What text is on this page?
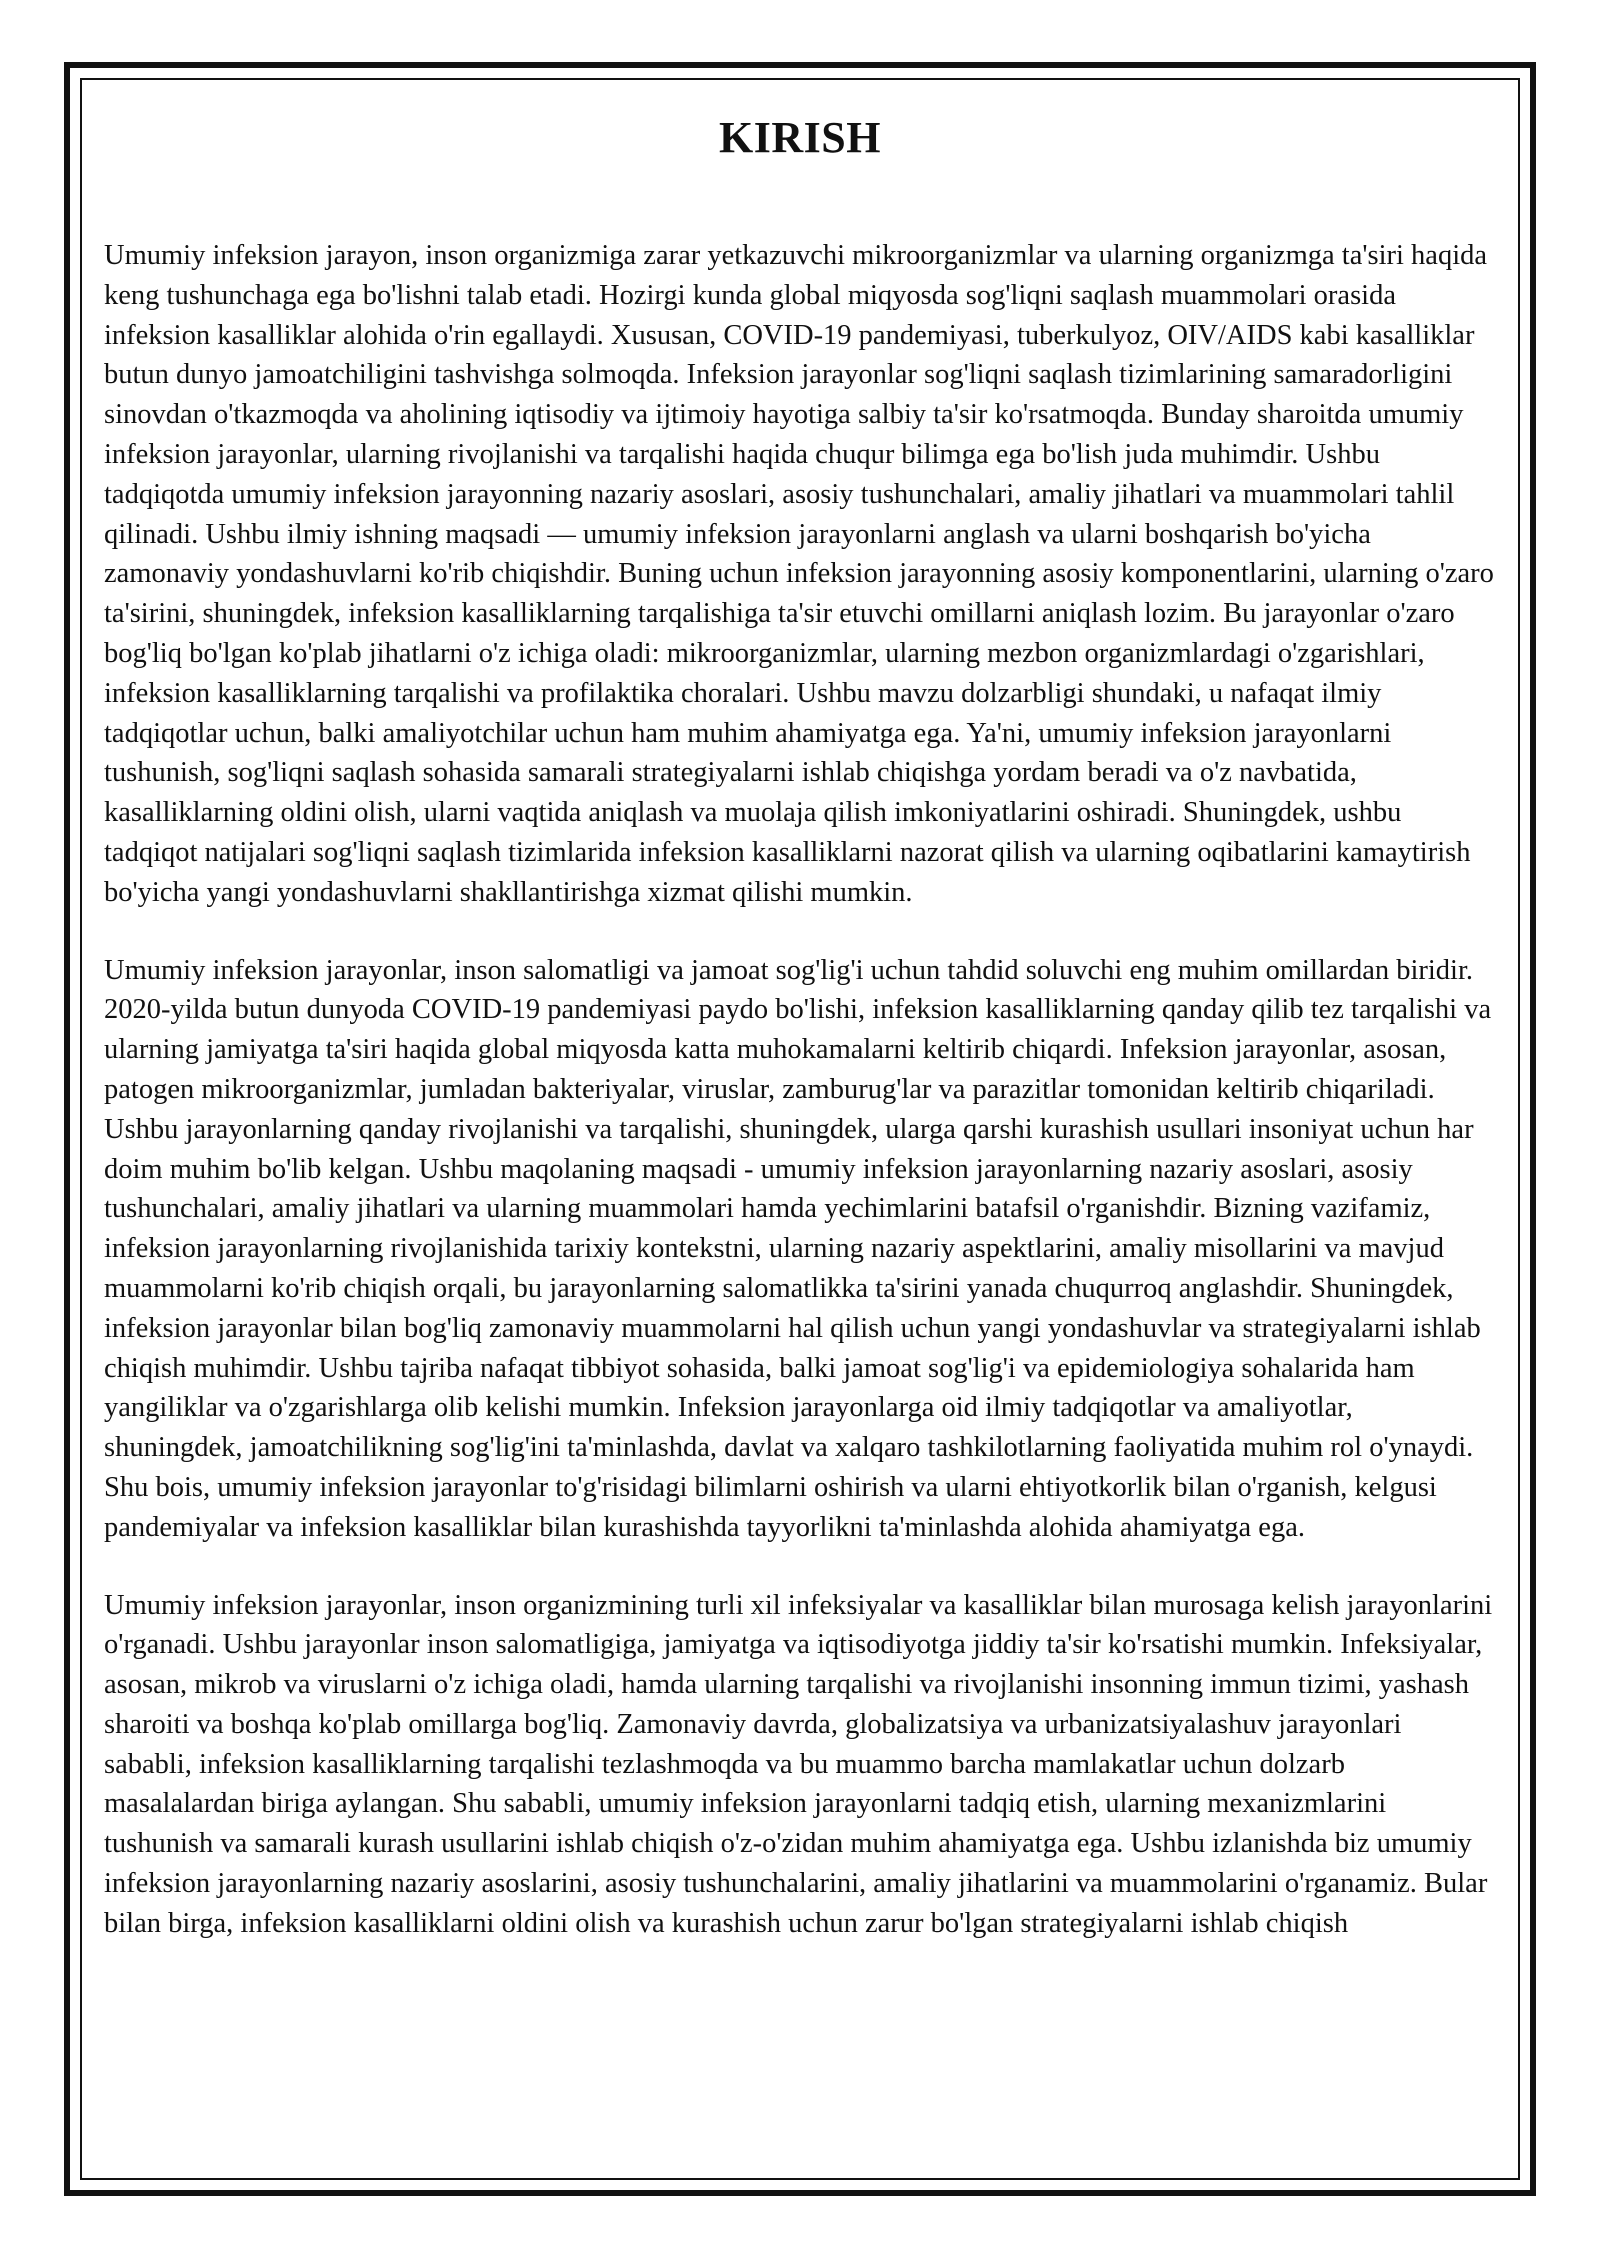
KIRISH

Umumiy infeksion jarayon, inson organizmiga zarar yetkazuvchi mikroorganizmlar va ularning organizmga ta'siri haqida keng tushunchaga ega bo'lishni talab etadi. Hozirgi kunda global miqyosda sog'liqni saqlash muammolari orasida infeksion kasalliklar alohida o'rin egallaydi. Xususan, COVID-19 pandemiyasi, tuberkulyoz, OIV/AIDS kabi kasalliklar butun dunyo jamoatchiligini tashvishga solmoqda. Infeksion jarayonlar sog'liqni saqlash tizimlarining samaradorligini sinovdan o'tkazmoqda va aholining iqtisodiy va ijtimoiy hayotiga salbiy ta'sir ko'rsatmoqda. Bunday sharoitda umumiy infeksion jarayonlar, ularning rivojlanishi va tarqalishi haqida chuqur bilimga ega bo'lish juda muhimdir. Ushbu tadqiqotda umumiy infeksion jarayonning nazariy asoslari, asosiy tushunchalari, amaliy jihatlari va muammolari tahlil qilinadi. Ushbu ilmiy ishning maqsadi — umumiy infeksion jarayonlarni anglash va ularni boshqarish bo'yicha zamonaviy yondashuvlarni ko'rib chiqishdir. Buning uchun infeksion jarayonning asosiy komponentlarini, ularning o'zaro ta'sirini, shuningdek, infeksion kasalliklarning tarqalishiga ta'sir etuvchi omillarni aniqlash lozim. Bu jarayonlar o'zaro bog'liq bo'lgan ko'plab jihatlarni o'z ichiga oladi: mikroorganizmlar, ularning mezbon organizmlardagi o'zgarishlari, infeksion kasalliklarning tarqalishi va profilaktika choralari. Ushbu mavzu dolzarbligi shundaki, u nafaqat ilmiy tadqiqotlar uchun, balki amaliyotchilar uchun ham muhim ahamiyatga ega. Ya'ni, umumiy infeksion jarayonlarni tushunish, sog'liqni saqlash sohasida samarali strategiyalarni ishlab chiqishga yordam beradi va o'z navbatida, kasalliklarning oldini olish, ularni vaqtida aniqlash va muolaja qilish imkoniyatlarini oshiradi. Shuningdek, ushbu tadqiqot natijalari sog'liqni saqlash tizimlarida infeksion kasalliklarni nazorat qilish va ularning oqibatlarini kamaytirish bo'yicha yangi yondashuvlarni shakllantirishga xizmat qilishi mumkin.

Umumiy infeksion jarayonlar, inson salomatligi va jamoat sog'lig'i uchun tahdid soluvchi eng muhim omillardan biridir. 2020-yilda butun dunyoda COVID-19 pandemiyasi paydo bo'lishi, infeksion kasalliklarning qanday qilib tez tarqalishi va ularning jamiyatga ta'siri haqida global miqyosda katta muhokamalarni keltirib chiqardi. Infeksion jarayonlar, asosan, patogen mikroorganizmlar, jumladan bakteriyalar, viruslar, zamburug'lar va parazitlar tomonidan keltirib chiqariladi. Ushbu jarayonlarning qanday rivojlanishi va tarqalishi, shuningdek, ularga qarshi kurashish usullari insoniyat uchun har doim muhim bo'lib kelgan. Ushbu maqolaning maqsadi - umumiy infeksion jarayonlarning nazariy asoslari, asosiy tushunchalari, amaliy jihatlari va ularning muammolari hamda yechimlarini batafsil o'rganishdir. Bizning vazifamiz, infeksion jarayonlarning rivojlanishida tarixiy kontekstni, ularning nazariy aspektlarini, amaliy misollarini va mavjud muammolarni ko'rib chiqish orqali, bu jarayonlarning salomatlikka ta'sirini yanada chuqurroq anglashdir. Shuningdek, infeksion jarayonlar bilan bog'liq zamonaviy muammolarni hal qilish uchun yangi yondashuvlar va strategiyalarni ishlab chiqish muhimdir. Ushbu tajriba nafaqat tibbiyot sohasida, balki jamoat sog'lig'i va epidemiologiya sohalarida ham yangiliklar va o'zgarishlarga olib kelishi mumkin. Infeksion jarayonlarga oid ilmiy tadqiqotlar va amaliyotlar, shuningdek, jamoatchilikning sog'lig'ini ta'minlashda, davlat va xalqaro tashkilotlarning faoliyatida muhim rol o'ynaydi. Shu bois, umumiy infeksion jarayonlar to'g'risidagi bilimlarni oshirish va ularni ehtiyotkorlik bilan o'rganish, kelgusi pandemiyalar va infeksion kasalliklar bilan kurashishda tayyorlikni ta'minlashda alohida ahamiyatga ega.

Umumiy infeksion jarayonlar, inson organizmining turli xil infeksiyalar va kasalliklar bilan murosaga kelish jarayonlarini o'rganadi. Ushbu jarayonlar inson salomatligiga, jamiyatga va iqtisodiyotga jiddiy ta'sir ko'rsatishi mumkin. Infeksiyalar, asosan, mikrob va viruslarni o'z ichiga oladi, hamda ularning tarqalishi va rivojlanishi insonning immun tizimi, yashash sharoiti va boshqa ko'plab omillarga bog'liq. Zamonaviy davrda, globalizatsiya va urbanizatsiyalashuv jarayonlari sababli, infeksion kasalliklarning tarqalishi tezlashmoqda va bu muammo barcha mamlakatlar uchun dolzarb masalalardan biriga aylangan. Shu sababli, umumiy infeksion jarayonlarni tadqiq etish, ularning mexanizmlarini tushunish va samarali kurash usullarini ishlab chiqish o'z-o'zidan muhim ahamiyatga ega. Ushbu izlanishda biz umumiy infeksion jarayonlarning nazariy asoslarini, asosiy tushunchalarini, amaliy jihatlarini va muammolarini o'rganamiz. Bular bilan birga, infeksion kasalliklarni oldini olish va kurashish uchun zarur bo'lgan strategiyalarni ishlab chiqish
